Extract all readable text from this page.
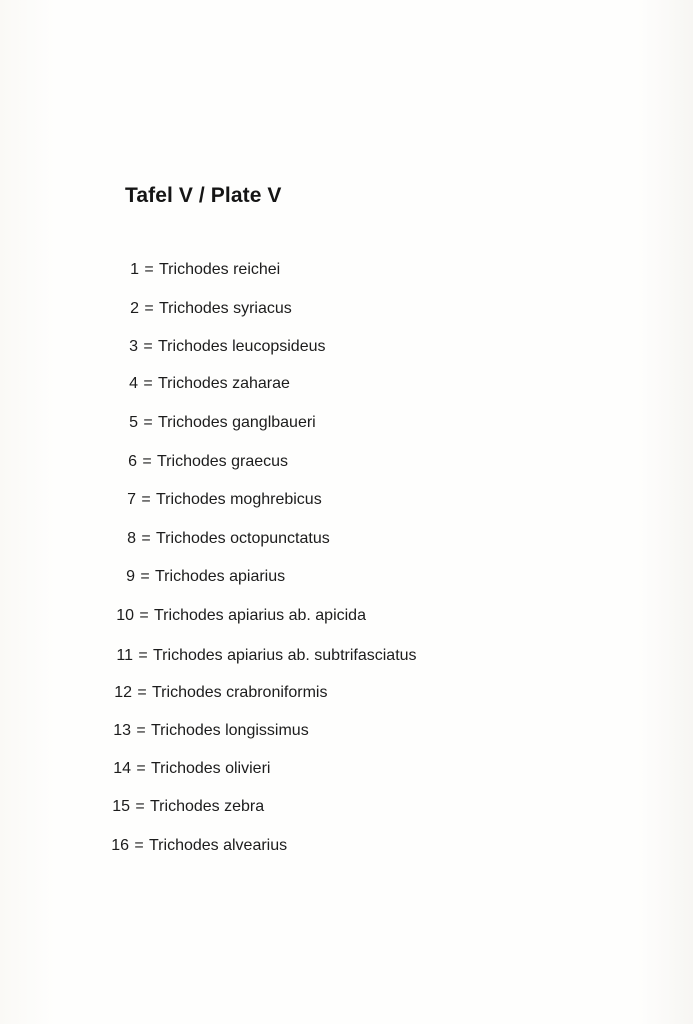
Tafel V / Plate V
1 = Trichodes reichei
2 = Trichodes syriacus
3 = Trichodes leucopsideus
4 = Trichodes zaharae
5 = Trichodes ganglbaueri
6 = Trichodes graecus
7 = Trichodes moghrebicus
8 = Trichodes octopunctatus
9 = Trichodes apiarius
10 = Trichodes apiarius ab. apicida
11 = Trichodes apiarius ab. subtrifasciatus
12 = Trichodes crabroniformis
13 = Trichodes longissimus
14 = Trichodes olivieri
15 = Trichodes zebra
16 = Trichodes alvearius
